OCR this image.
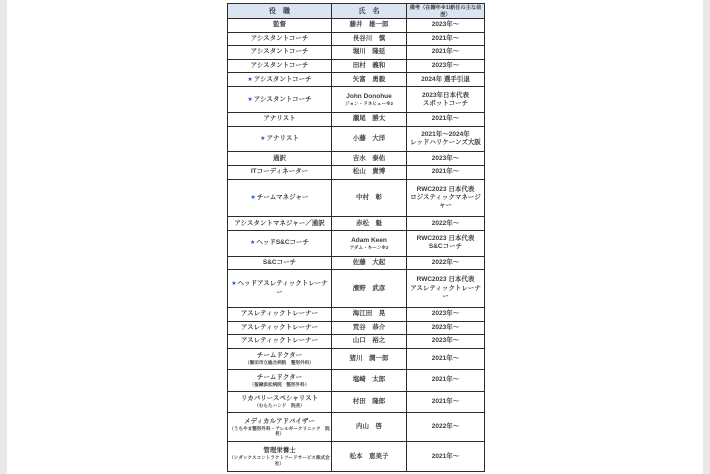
役　職	氏　名	備考（在籍年※1/新任の主な前歴）
監督	藤井　雄一郎	2023年～

アシスタントコーチ	長谷川　慎	2021年～

アシスタントコーチ	堀川　隆延	2021年～

アシスタントコーチ	田村　義和	2023年～

★アシスタントコーチ	矢富　勇毅	2024年 選手引退

★アシスタントコーチ	John Donohue
ジョン・ドネヒュー※2	2023年日本代表
スポットコーチ

アナリスト	瀬尾　勝太	2021年～

★アナリスト	小藤　大洋	2021年～2024年
レッドハリケーンズ大阪

通訳	吉水　泰佑	2023年～

ITコーディネーター	松山　貴博	2021年～

★チームマネジャー	中村　彰	RWC2023 日本代表
ロジスティックマネージャー

アシスタントマネジャー／通訳	赤松　魁	2022年～

★ヘッドS&Cコーチ	Adam Keen
アダム・キーン※2	RWC2023 日本代表
S&Cコーチ

S&Cコーチ	佐藤　大起	2022年～

★ヘッドアスレティックトレーナー	濱野　武彦	RWC2023 日本代表
アスレティックトレーナー

アスレティックトレーナー	海江田　晃	2023年～

アスレティックトレーナー	荒谷　恭介	2023年～

アスレティックトレーナー	山口　裕之	2023年～

チームドクター
（磐田市立総合病院　整形外科）	猪川　潤一郎	2021年～

チームドクター
（聖隷浜松病院　整形外科）	塩崎　太郎	2021年～

リカバリースペシャリスト
（むらたハンド　院長）	村田　隆郎	2021年～

メディカルアドバイザー
（うちやま整形外科・アレルギークリニック　院長）	内山　啓	2022年～

管理栄養士
（シダックスコントラクトフードサービス株式会社）	松本　恵美子	2021年～
